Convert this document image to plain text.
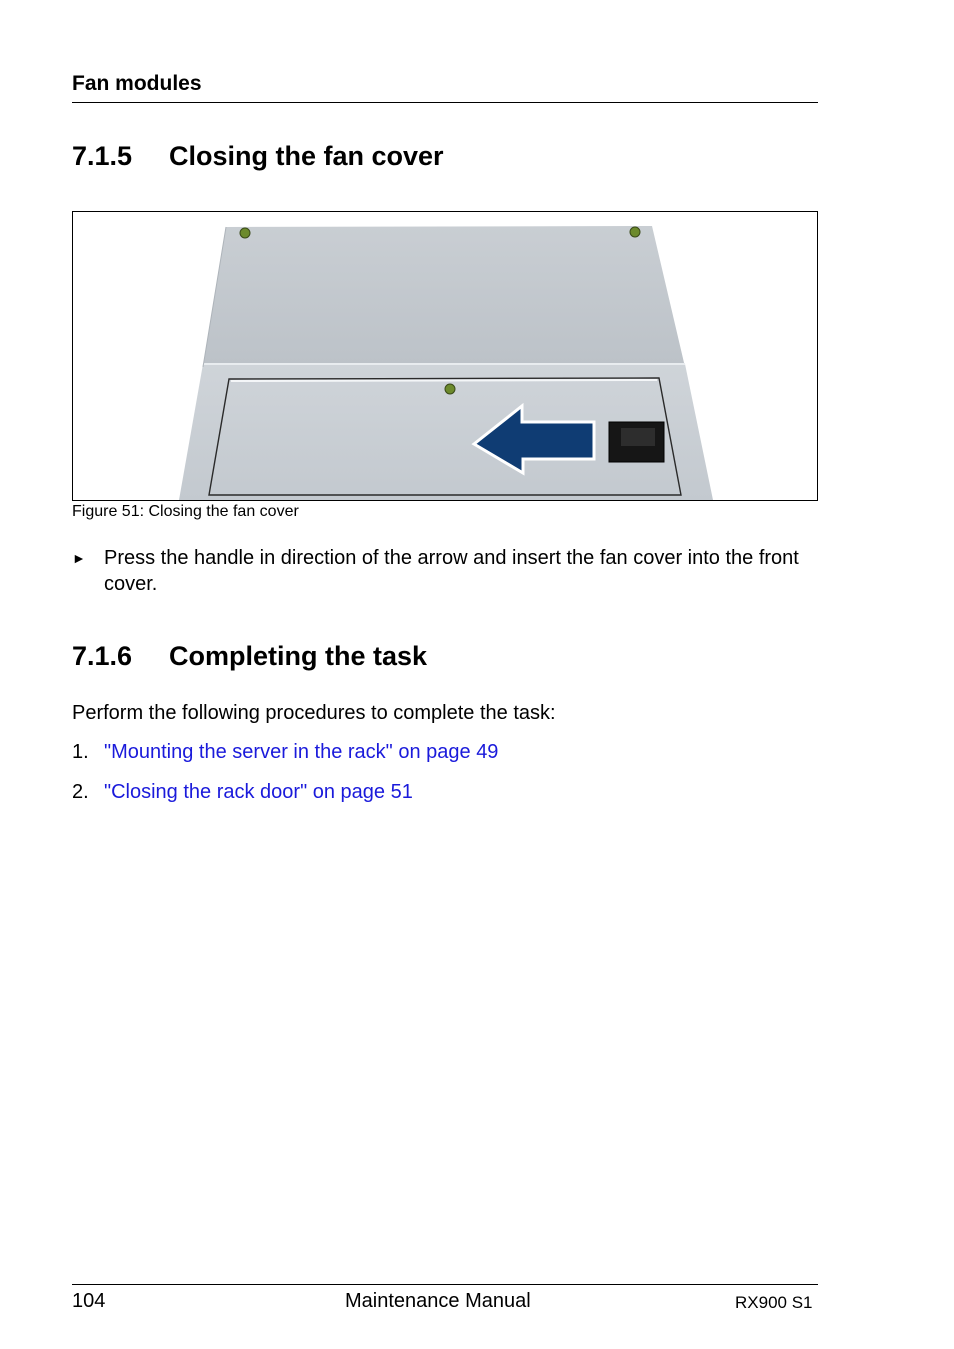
Fan modules
7.1.5 Closing the fan cover
Figure 51: Closing the fan cover
► Press the handle in direction of the arrow and insert the fan cover into the front cover.
7.1.6 Completing the task
Perform the following procedures to complete the task:
1. "Mounting the server in the rack" on page 49
2. "Closing the rack door" on page 51
104	Maintenance Manual	RX900 S1
